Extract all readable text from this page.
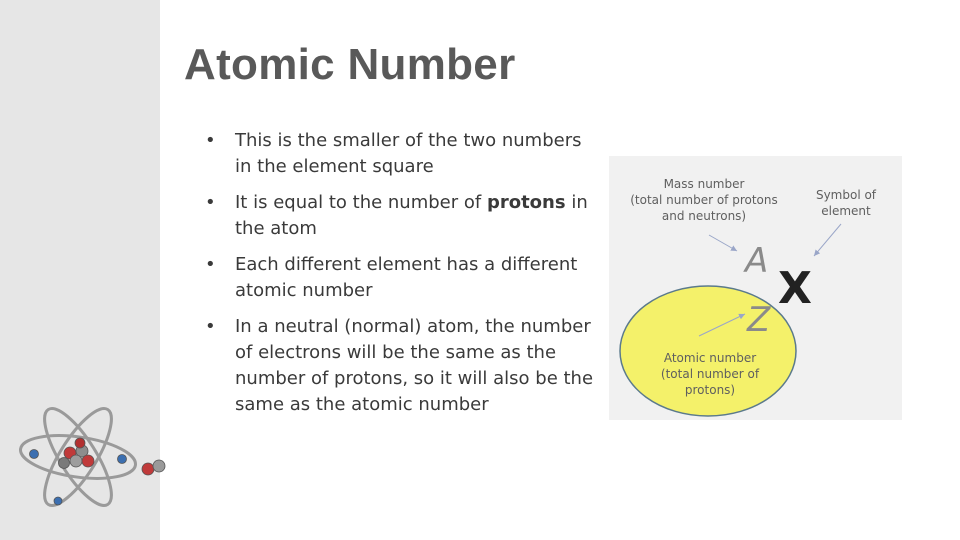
Atomic Number
• This is the smaller of the two numbers in the element square
• It is equal to the number of protons in the atom
• Each different element has a different atomic number
• In a neutral (normal) atom, the number of electrons will be the same as the number of protons, so it will also be the same as the atomic number
Mass number
(total number of protons
and neutrons)
Symbol of
element
Atomic number
(total number of
protons)
A
Z
X
